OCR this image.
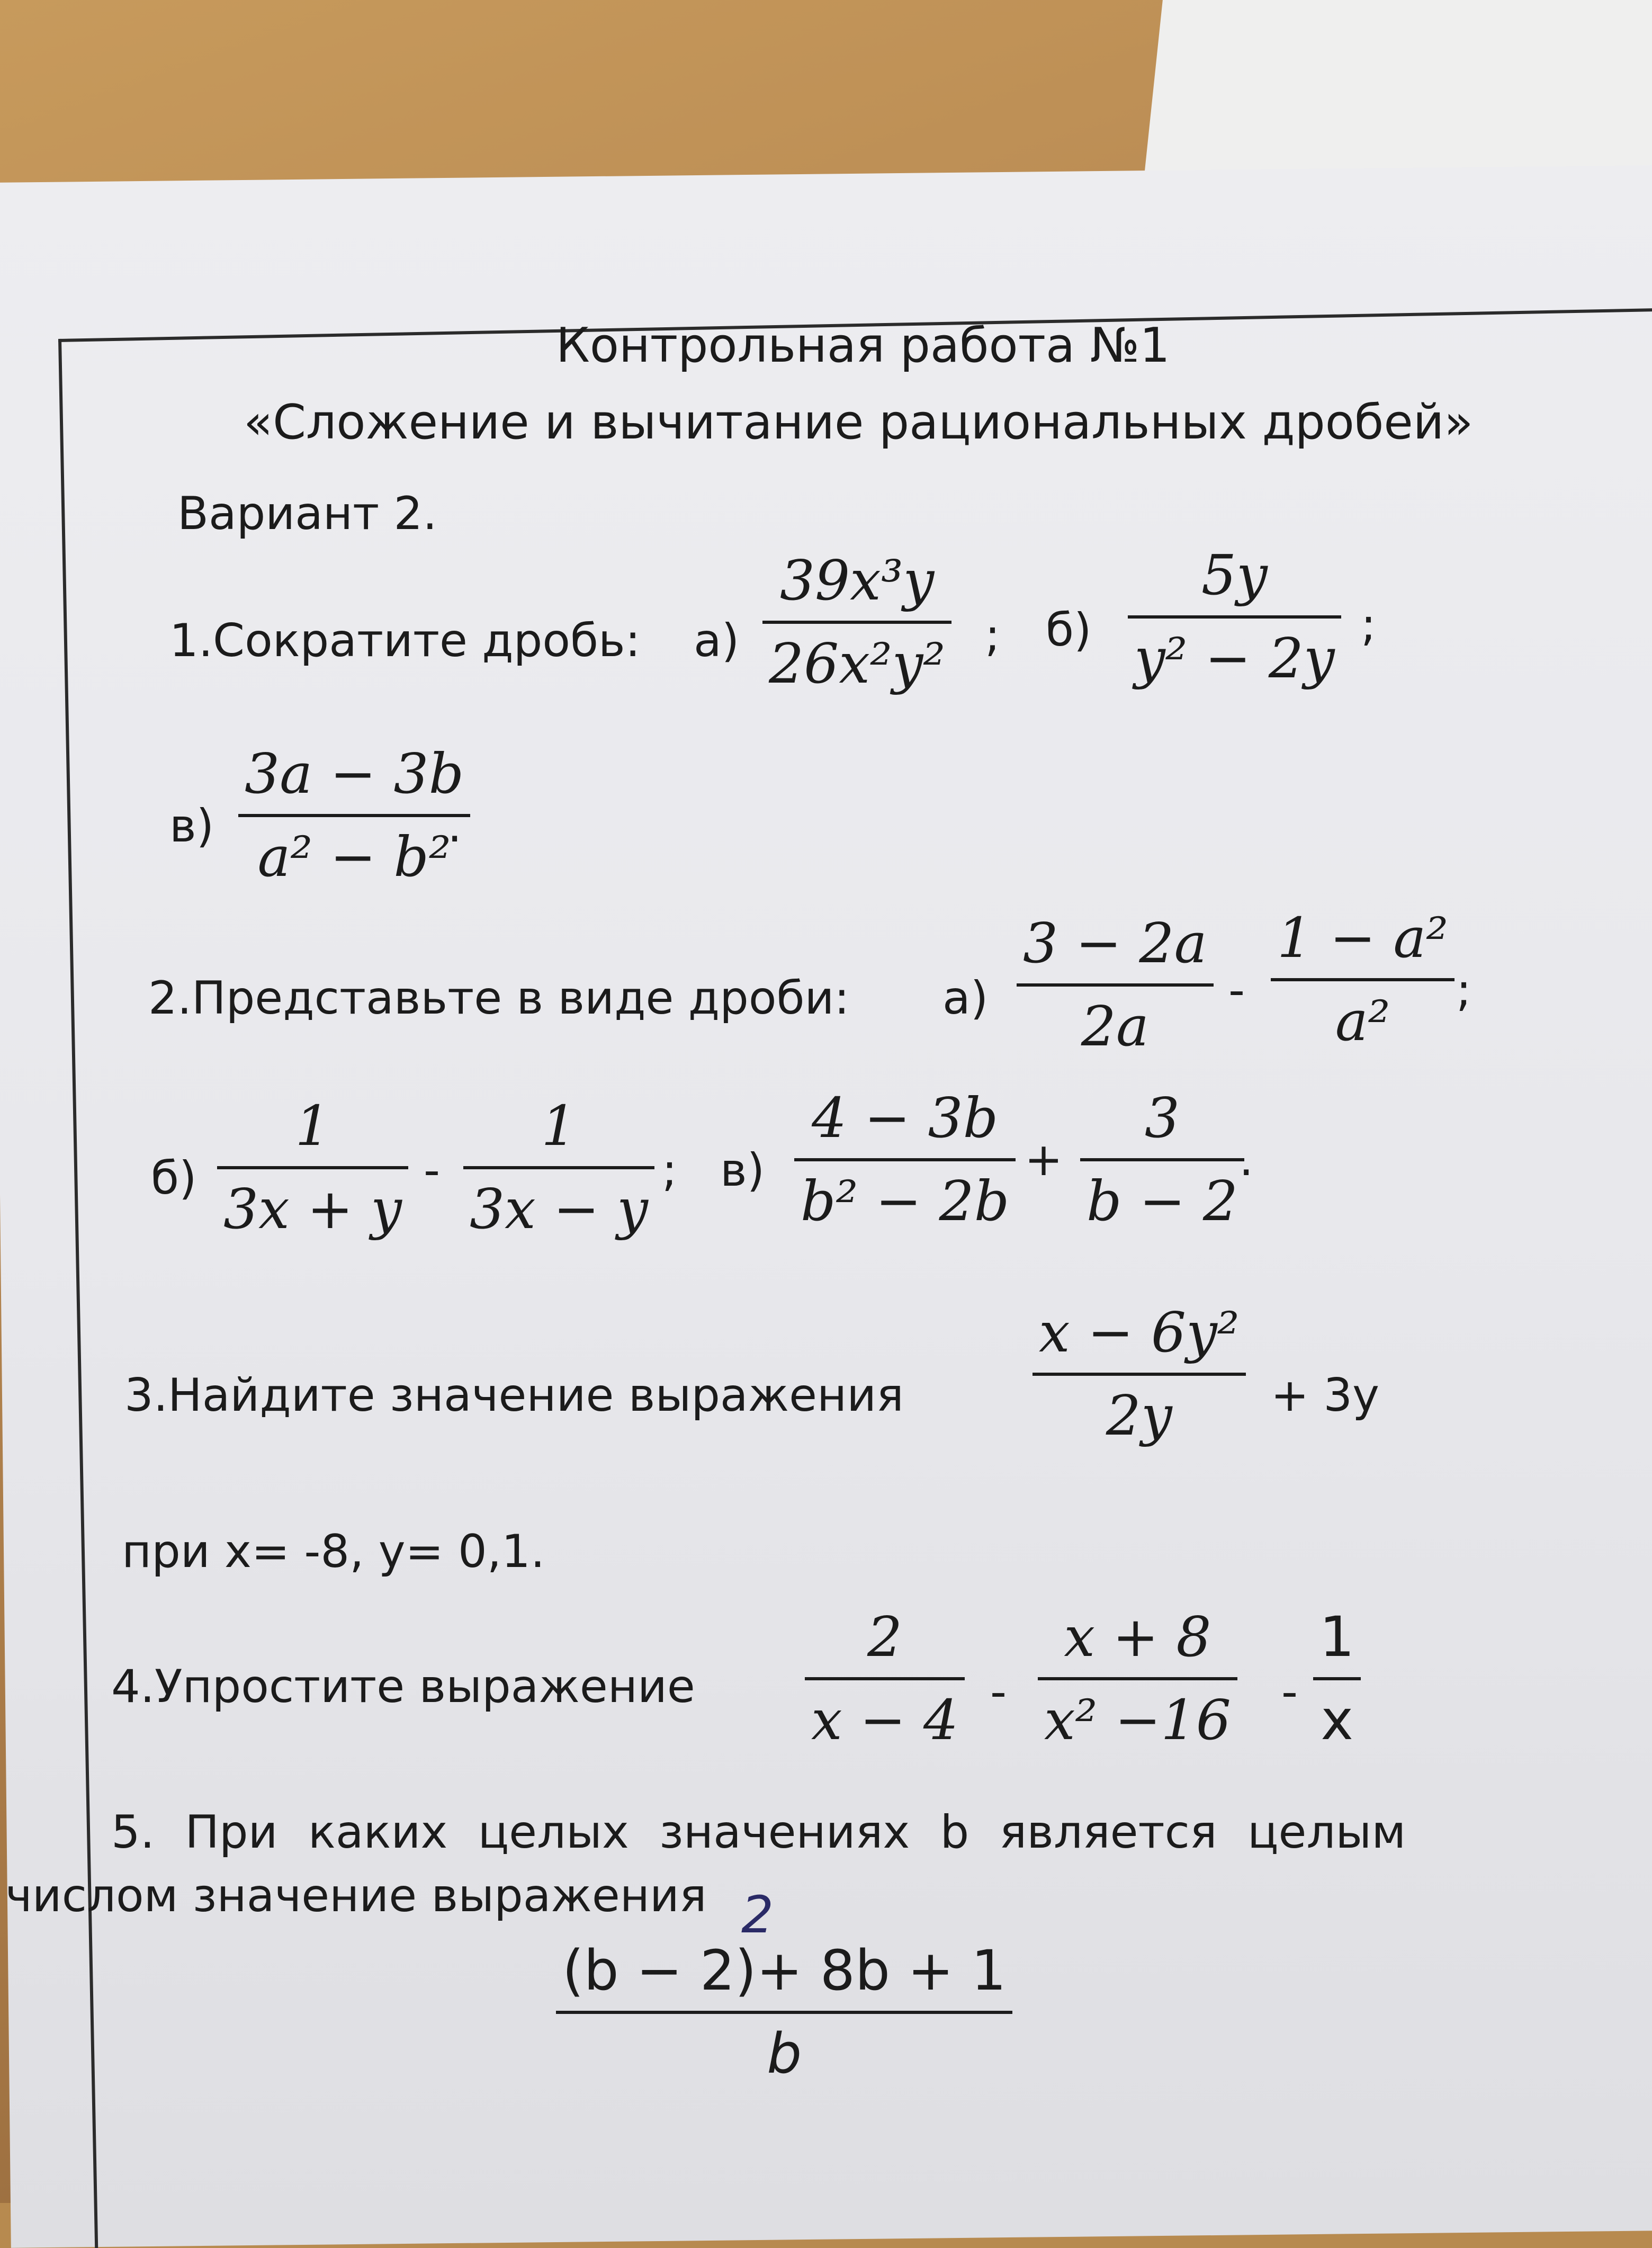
Контрольная работа №1
«Сложение и вычитание рациональных дробей»
Вариант 2.
1.Сократите дробь: а)
39x³y
26x²y² ; б)
5y
y² − 2y
;
в)
3a − 3b
a² − b²
.
2.Представьте в виде дроби: а)
3 − 2a
2a
-
1 − a²
a² ;
б)
1
3x + y
-
1
3x − y
; в)
4 − 3b
b² − 2b
+
3
b − 2
.
3.Найдите значение выражения
x − 6y²
2y + 3y
при x= -8, y= 0,1.
4.Упростите выражение
2
x − 4 -
x + 8
x² −16 -
1
x
5. При каких целых значениях b является целым
числом значение выражения
(b − 2)+ 8b + 1
b
2
